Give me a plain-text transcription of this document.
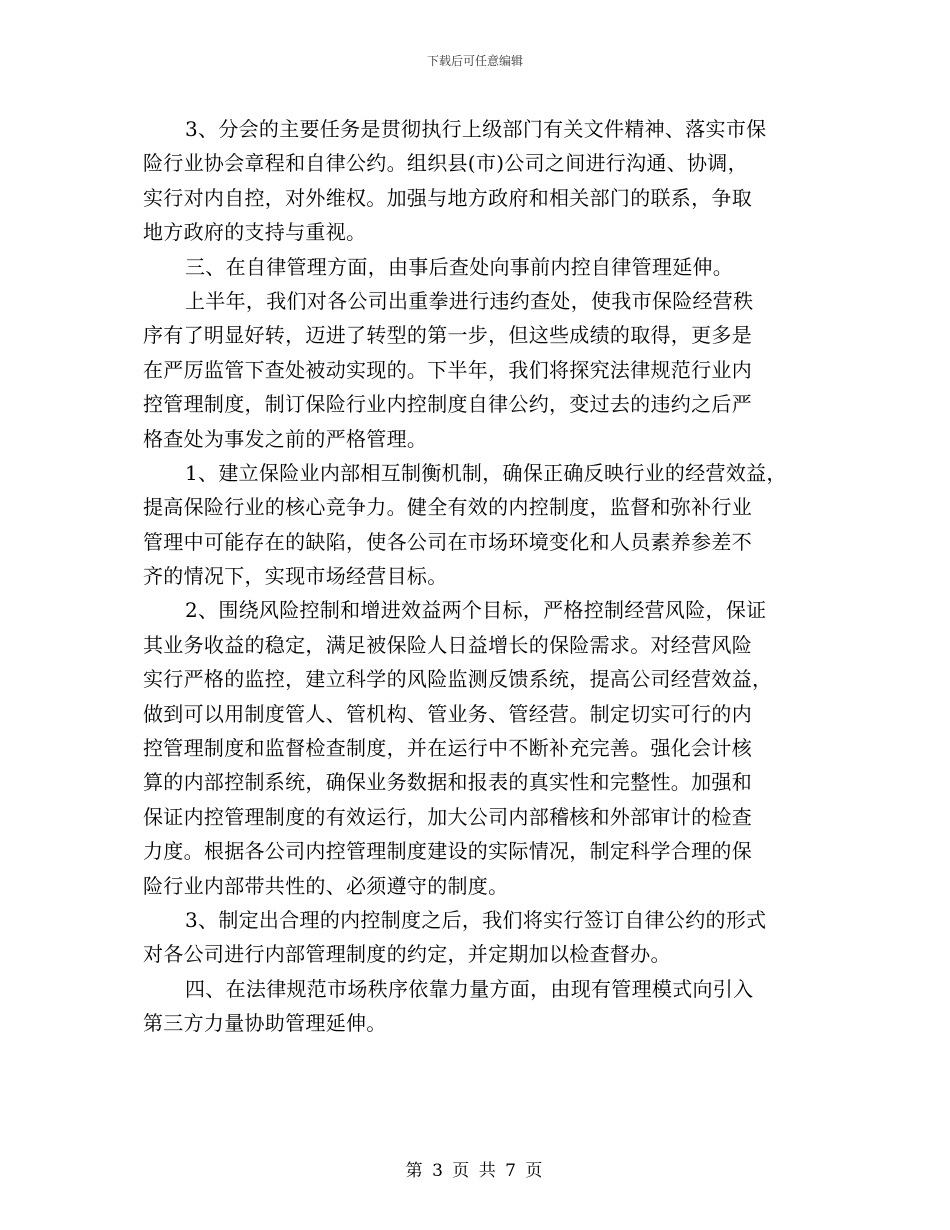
下载后可任意编辑
3、分会的主要任务是贯彻执行上级部门有关文件精神、落实市保
险行业协会章程和自律公约。组织县(市)公司之间进行沟通、协调，
实行对内自控，对外维权。加强与地方政府和相关部门的联系，争取
地方政府的支持与重视。
三、在自律管理方面，由事后查处向事前内控自律管理延伸。
上半年，我们对各公司出重拳进行违约查处，使我市保险经营秩
序有了明显好转，迈进了转型的第一步，但这些成绩的取得，更多是
在严厉监管下查处被动实现的。下半年，我们将探究法律规范行业内
控管理制度，制订保险行业内控制度自律公约，变过去的违约之后严
格查处为事发之前的严格管理。
1、建立保险业内部相互制衡机制，确保正确反映行业的经营效益，
提高保险行业的核心竞争力。健全有效的内控制度，监督和弥补行业
管理中可能存在的缺陷，使各公司在市场环境变化和人员素养参差不
齐的情况下，实现市场经营目标。
2、围绕风险控制和增进效益两个目标，严格控制经营风险，保证
其业务收益的稳定，满足被保险人日益增长的保险需求。对经营风险
实行严格的监控，建立科学的风险监测反馈系统，提高公司经营效益，
做到可以用制度管人、管机构、管业务、管经营。制定切实可行的内
控管理制度和监督检查制度，并在运行中不断补充完善。强化会计核
算的内部控制系统，确保业务数据和报表的真实性和完整性。加强和
保证内控管理制度的有效运行，加大公司内部稽核和外部审计的检查
力度。根据各公司内控管理制度建设的实际情况，制定科学合理的保
险行业内部带共性的、必须遵守的制度。
3、制定出合理的内控制度之后，我们将实行签订自律公约的形式
对各公司进行内部管理制度的约定，并定期加以检查督办。
四、在法律规范市场秩序依靠力量方面，由现有管理模式向引入
第三方力量协助管理延伸。
第 3 页 共 7 页
